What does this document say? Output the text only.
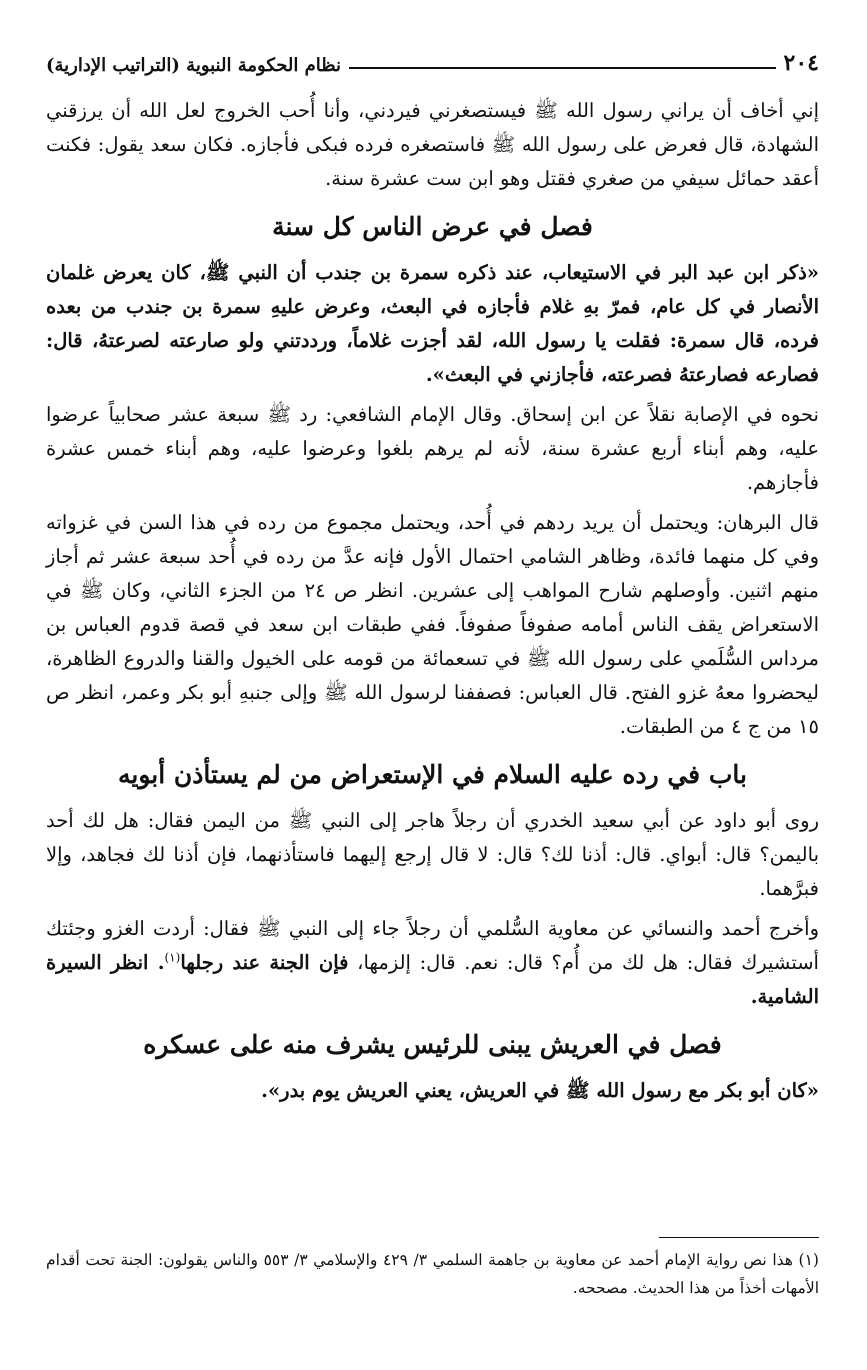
٢٠٤
نظام الحكومة النبوية (التراتيب الإدارية)

إني أخاف أن يراني رسول الله ﷺ فيستصغرني فيردني، وأنا أُحب الخروج لعل الله أن يرزقني الشهادة، قال فعرض على رسول الله ﷺ فاستصغره فرده فبكى فأجازه. فكان سعد يقول: فكنت أعقد حمائل سيفي من صغري فقتل وهو ابن ست عشرة سنة.

فصل في عرض الناس كل سنة

«ذكر ابن عبد البر في الاستيعاب، عند ذكره سمرة بن جندب أن النبي ﷺ، كان يعرض غلمان الأنصار في كل عام، فمرّ بهِ غلام فأجازه في البعث، وعرض عليهِ سمرة بن جندب من بعده فرده، قال سمرة: فقلت يا رسول الله، لقد أجزت غلاماً، ورددتني ولو صارعته لصرعتهُ، قال: فصارعه فصارعتهُ فصرعته، فأجازني في البعث».

نحوه في الإصابة نقلاً عن ابن إسحاق. وقال الإمام الشافعي: رد ﷺ سبعة عشر صحابياً عرضوا عليه، وهم أبناء أربع عشرة سنة، لأنه لم يرهم بلغوا وعرضوا عليه، وهم أبناء خمس عشرة فأجازهم.

قال البرهان: ويحتمل أن يريد ردهم في أُحد، ويحتمل مجموع من رده في هذا السن في غزواته وفي كل منهما فائدة، وظاهر الشامي احتمال الأول فإنه عدَّ من رده في أُحد سبعة عشر ثم أجاز منهم اثنين. وأوصلهم شارح المواهب إلى عشرين. انظر ص ٢٤ من الجزء الثاني، وكان ﷺ في الاستعراض يقف الناس أمامه صفوفاً صفوفاً. ففي طبقات ابن سعد في قصة قدوم العباس بن مرداس السُّلَمي على رسول الله ﷺ في تسعمائة من قومه على الخيول والقنا والدروع الظاهرة، ليحضروا معهُ غزو الفتح. قال العباس: فصففنا لرسول الله ﷺ وإلى جنبهِ أبو بكر وعمر، انظر ص ١٥ من ج ٤ من الطبقات.

باب في رده عليه السلام في الإستعراض من لم يستأذن أبويه

روى أبو داود عن أبي سعيد الخدري أن رجلاً هاجر إلى النبي ﷺ من اليمن فقال: هل لك أحد باليمن؟ قال: أبواي. قال: أذنا لك؟ قال: لا قال إرجع إليهما فاستأذنهما، فإن أذنا لك فجاهد، وإلا فبرَّهما.

وأخرج أحمد والنسائي عن معاوية السُّلمي أن رجلاً جاء إلى النبي ﷺ فقال: أردت الغزو وجئتك أستشيرك فقال: هل لك من أُم؟ قال: نعم. قال: إلزمها، فإن الجنة عند رجلها$^{(١)}$. انظر السيرة الشامية.

فصل في العريش يبنى للرئيس يشرف منه على عسكره

«كان أبو بكر مع رسول الله ﷺ في العريش، يعني العريش يوم بدر».

(١) هذا نص رواية الإمام أحمد عن معاوية بن جاهمة السلمي ٣/ ٤٢٩ والإسلامي ٣/ ٥٥٣ والناس يقولون: الجنة تحت أقدام الأمهات أخذاً من هذا الحديث. مصححه.
